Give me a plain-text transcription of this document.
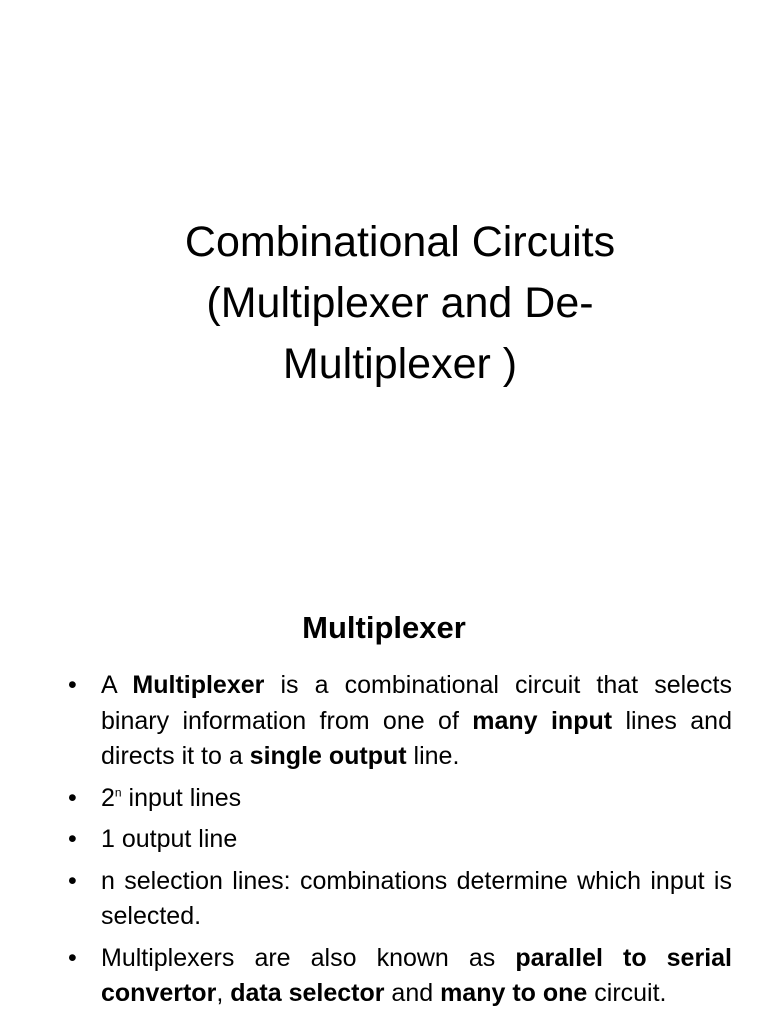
Combinational Circuits
(Multiplexer and De-
Multiplexer )
Multiplexer
• A Multiplexer is a combinational circuit that selects binary information from one of many input lines and directs it to a single output line.
• 2$^n$ input lines
• 1 output line
• n selection lines: combinations determine which input is selected.
• Multiplexers are also known as parallel to serial convertor, data selector and many to one circuit.
